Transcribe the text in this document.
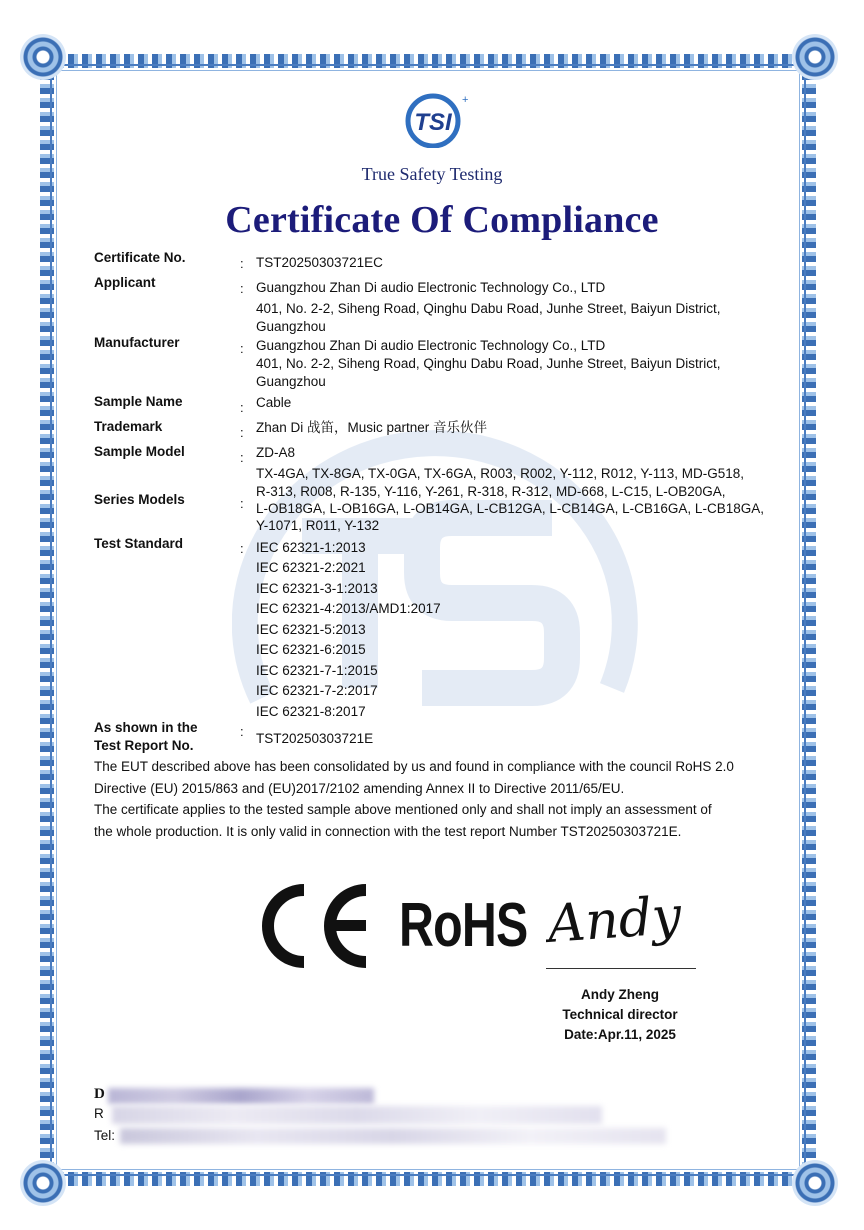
TSI
+
True Safety Testing
Certificate Of Compliance
Certificate No.	: TST20250303721EC
Applicant	: Guangzhou Zhan Di audio Electronic Technology Co., LTD
401, No. 2-2, Siheng Road, Qinghu Dabu Road, Junhe Street, Baiyun District,
Guangzhou
Manufacturer	: Guangzhou Zhan Di audio Electronic Technology Co., LTD
401, No. 2-2, Siheng Road, Qinghu Dabu Road, Junhe Street, Baiyun District,
Guangzhou
Sample Name	: Cable
Trademark	: Zhan Di 战笛，Music partner 音乐伙伴
Sample Model	: ZD-A8
Series Models	:
TX-4GA, TX-8GA, TX-0GA, TX-6GA, R003, R002, Y-112, R012, Y-113, MD-G518,
R-313, R008, R-135, Y-116, Y-261, R-318, R-312, MD-668, L-C15, L-OB20GA,
L-OB18GA, L-OB16GA, L-OB14GA, L-CB12GA, L-CB14GA, L-CB16GA, L-CB18GA,
Y-1071, R011, Y-132
Test Standard	: IEC 62321-1:2013
IEC 62321-2:2021
IEC 62321-3-1:2013
IEC 62321-4:2013/AMD1:2017
IEC 62321-5:2013
IEC 62321-6:2015
IEC 62321-7-1:2015
IEC 62321-7-2:2017
IEC 62321-8:2017
As shown in the
Test Report No.
: TST20250303721E
The EUT described above has been consolidated by us and found in compliance with the council RoHS 2.0
Directive (EU) 2015/863 and (EU)2017/2102 amending Annex II to Directive 2011/65/EU.
The certificate applies to the tested sample above mentioned only and shall not imply an assessment of
the whole production. It is only valid in connection with the test report Number TST20250303721E.
RoHS Andy
Andy Zheng
Technical director
Date:Apr.11, 2025
D
R
Tel:
